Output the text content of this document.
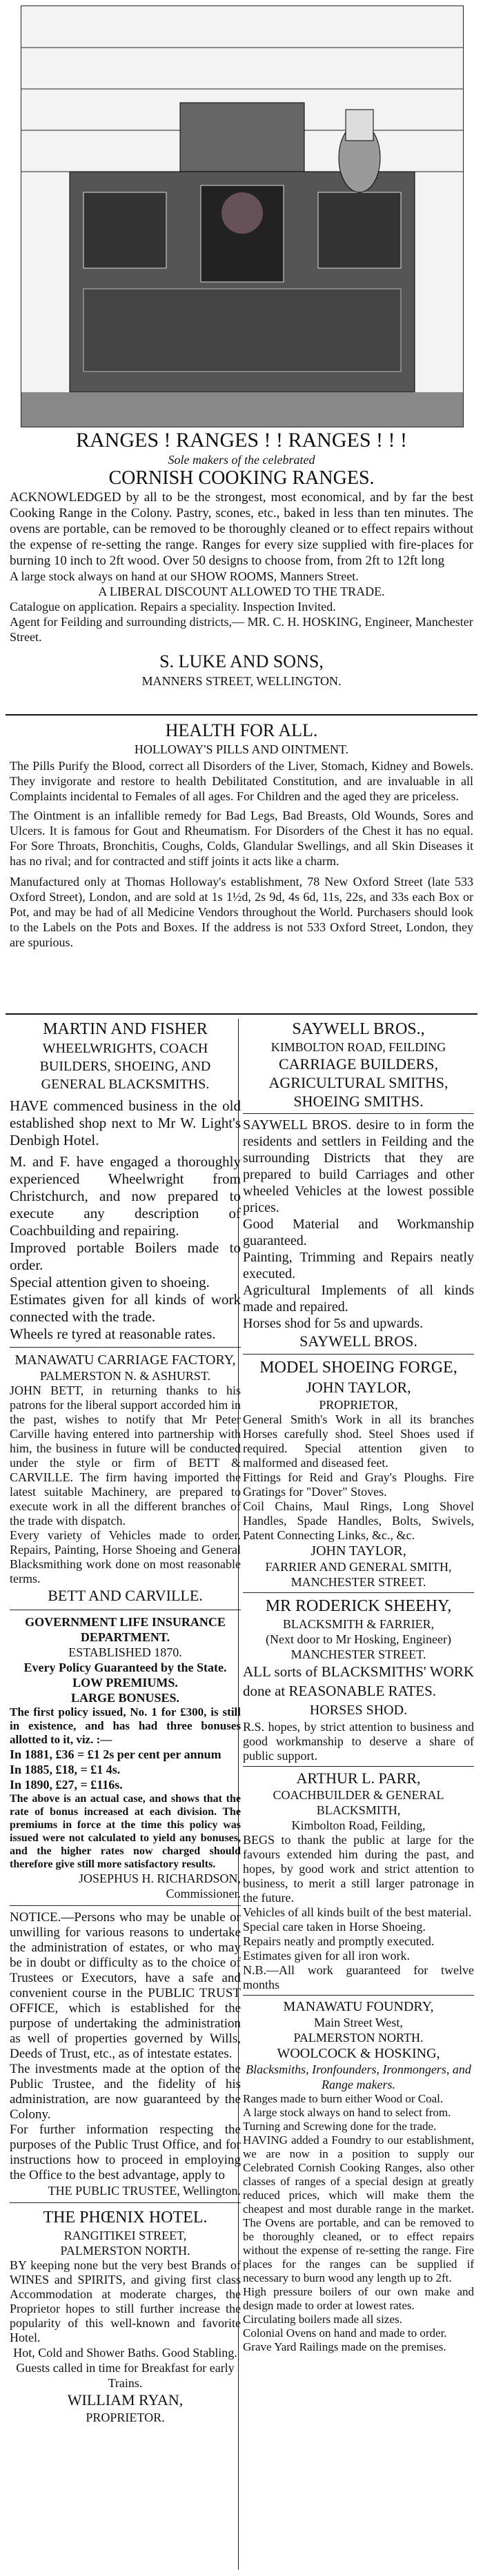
RANGES ! RANGES ! ! RANGES ! ! !

Sole makers of the celebrated

CORNISH COOKING RANGES.

ACKNOWLEDGED by all to be the strongest, most economical, and by far the best Cooking Range in the Colony. Pastry, scones, etc., baked in less than ten minutes. The ovens are portable, can be removed to be thoroughly cleaned or to effect repairs without the expense of re-setting the range. Ranges for every size supplied with fire-places for burning 10 inch to 2ft wood. Over 50 designs to choose from, from 2ft to 12ft long

A large stock always on hand at our SHOW ROOMS, Manners Street.

A LIBERAL DISCOUNT ALLOWED TO THE TRADE.

Catalogue on application. Repairs a speciality. Inspection Invited.

Agent for Feilding and surrounding districts,— MR. C. H. HOSKING, Engineer, Manchester Street.

S. LUKE AND SONS,

MANNERS STREET, WELLINGTON.

HEALTH FOR ALL.

HOLLOWAY'S PILLS AND OINTMENT.

The Pills Purify the Blood, correct all Disorders of the Liver, Stomach, Kidney and Bowels. They invigorate and restore to health Debilitated Constitution, and are invaluable in all Complaints incidental to Females of all ages. For Children and the aged they are priceless.

The Ointment is an infallible remedy for Bad Legs, Bad Breasts, Old Wounds, Sores and Ulcers. It is famous for Gout and Rheumatism. For Disorders of the Chest it has no equal. For Sore Throats, Bronchitis, Coughs, Colds, Glandular Swellings, and all Skin Diseases it has no rival; and for contracted and stiff joints it acts like a charm.

Manufactured only at Thomas Holloway's establishment, 78 New Oxford Street (late 533 Oxford Street), London, and are sold at 1s 1½d, 2s 9d, 4s 6d, 11s, 22s, and 33s each Box or Pot, and may be had of all Medicine Vendors throughout the World. Purchasers should look to the Labels on the Pots and Boxes. If the address is not 533 Oxford Street, London, they are spurious.

MARTIN AND FISHER

WHEELWRIGHTS, COACH BUILDERS, SHOEING, AND GENERAL BLACKSMITHS.

HAVE commenced business in the old established shop next to Mr W. Light's Denbigh Hotel.

M. and F. have engaged a thoroughly experienced Wheelwright from Christchurch, and now prepared to execute any description of Coachbuilding and repairing.

Improved portable Boilers made to order.

Special attention given to shoeing.

Estimates given for all kinds of work connected with the trade.

Wheels re tyred at reasonable rates.

MANAWATU CARRIAGE FACTORY,

PALMERSTON N. & ASHURST.

JOHN BETT, in returning thanks to his patrons for the liberal support accorded him in the past, wishes to notify that Mr Peter Carville having entered into partnership with him, the business in future will be conducted under the style or firm of BETT & CARVILLE. The firm having imported the latest suitable Machinery, are prepared to execute work in all the different branches of the trade with dispatch.

Every variety of Vehicles made to order. Repairs, Painting, Horse Shoeing and General Blacksmithing work done on most reasonable terms.

BETT AND CARVILLE.

GOVERNMENT LIFE INSURANCE DEPARTMENT.

ESTABLISHED 1870.

Every Policy Guaranteed by the State.

LOW PREMIUMS.

LARGE BONUSES.

The first policy issued, No. 1 for £300, is still in existence, and has had three bonuses allotted to it, viz. :—

In 1881, £36 = £1 2s per cent per annum

In 1885, £18, = £1 4s.

In 1890, £27, = £116s.

The above is an actual case, and shows that the rate of bonus increased at each division. The premiums in force at the time this policy was issued were not calculated to yield any bonuses, and the higher rates now charged should therefore give still more satisfactory results.

JOSEPHUS H. RICHARDSON, Commissioner.

NOTICE.—Persons who may be unable or unwilling for various reasons to undertake the administration of estates, or who may be in doubt or difficulty as to the choice of Trustees or Executors, have a safe and convenient course in the PUBLIC TRUST OFFICE, which is established for the purpose of undertaking the administration as well of properties governed by Wills, Deeds of Trust, etc., as of intestate estates.

The investments made at the option of the Public Trustee, and the fidelity of his administration, are now guaranteed by the Colony.

For further information respecting the purposes of the Public Trust Office, and for instructions how to proceed in employing the Office to the best advantage, apply to

THE PUBLIC TRUSTEE, Wellington.

THE PHŒNIX HOTEL.

RANGITIKEI STREET,

PALMERSTON NORTH.

BY keeping none but the very best Brands of WINES and SPIRITS, and giving first class Accommodation at moderate charges, the Proprietor hopes to still further increase the popularity of this well-known and favorite Hotel.

Hot, Cold and Shower Baths. Good Stabling.

Guests called in time for Breakfast for early Trains.

WILLIAM RYAN,

PROPRIETOR.

SAYWELL BROS.,

KIMBOLTON ROAD, FEILDING

CARRIAGE BUILDERS, AGRICULTURAL SMITHS, SHOEING SMITHS.

SAYWELL BROS. desire to in form the residents and settlers in Feilding and the surrounding Districts that they are prepared to build Carriages and other wheeled Vehicles at the lowest possible prices.

Good Material and Workmanship guaranteed.

Painting, Trimming and Repairs neatly executed.

Agricultural Implements of all kinds made and repaired.

Horses shod for 5s and upwards.

SAYWELL BROS.

MODEL SHOEING FORGE,

JOHN TAYLOR,

PROPRIETOR,

General Smith's Work in all its branches Horses carefully shod. Steel Shoes used if required. Special attention given to malformed and diseased feet.

Fittings for Reid and Gray's Ploughs. Fire Gratings for "Dover" Stoves.

Coil Chains, Maul Rings, Long Shovel Handles, Spade Handles, Bolts, Swivels, Patent Connecting Links, &c., &c.

JOHN TAYLOR,

FARRIER AND GENERAL SMITH,

MANCHESTER STREET.

MR RODERICK SHEEHY,

BLACKSMITH & FARRIER,

(Next door to Mr Hosking, Engineer)

MANCHESTER STREET.

ALL sorts of BLACKSMITHS' WORK done at REASONABLE RATES.

HORSES SHOD.

R.S. hopes, by strict attention to business and good workmanship to deserve a share of public support.

ARTHUR L. PARR,

COACHBUILDER & GENERAL BLACKSMITH,

Kimbolton Road, Feilding,

BEGS to thank the public at large for the favours extended him during the past, and hopes, by good work and strict attention to business, to merit a still larger patronage in the future.

Vehicles of all kinds built of the best material.

Special care taken in Horse Shoeing.

Repairs neatly and promptly executed.

Estimates given for all iron work.

N.B.—All work guaranteed for twelve months

MANAWATU FOUNDRY,

Main Street West,

PALMERSTON NORTH.

WOOLCOCK & HOSKING,

Blacksmiths, Ironfounders, Ironmongers, and Range makers.

Ranges made to burn either Wood or Coal.

A large stock always on hand to select from.

Turning and Screwing done for the trade.

HAVING added a Foundry to our establishment, we are now in a position to supply our Celebrated Cornish Cooking Ranges, also other classes of ranges of a special design at greatly reduced prices, which will make them the cheapest and most durable range in the market. The Ovens are portable, and can be removed to be thoroughly cleaned, or to effect repairs without the expense of re-setting the range. Fire places for the ranges can be supplied if necessary to burn wood any length up to 2ft.

High pressure boilers of our own make and design made to order at lowest rates.

Circulating boilers made all sizes.

Colonial Ovens on hand and made to order.

Grave Yard Railings made on the premises.
